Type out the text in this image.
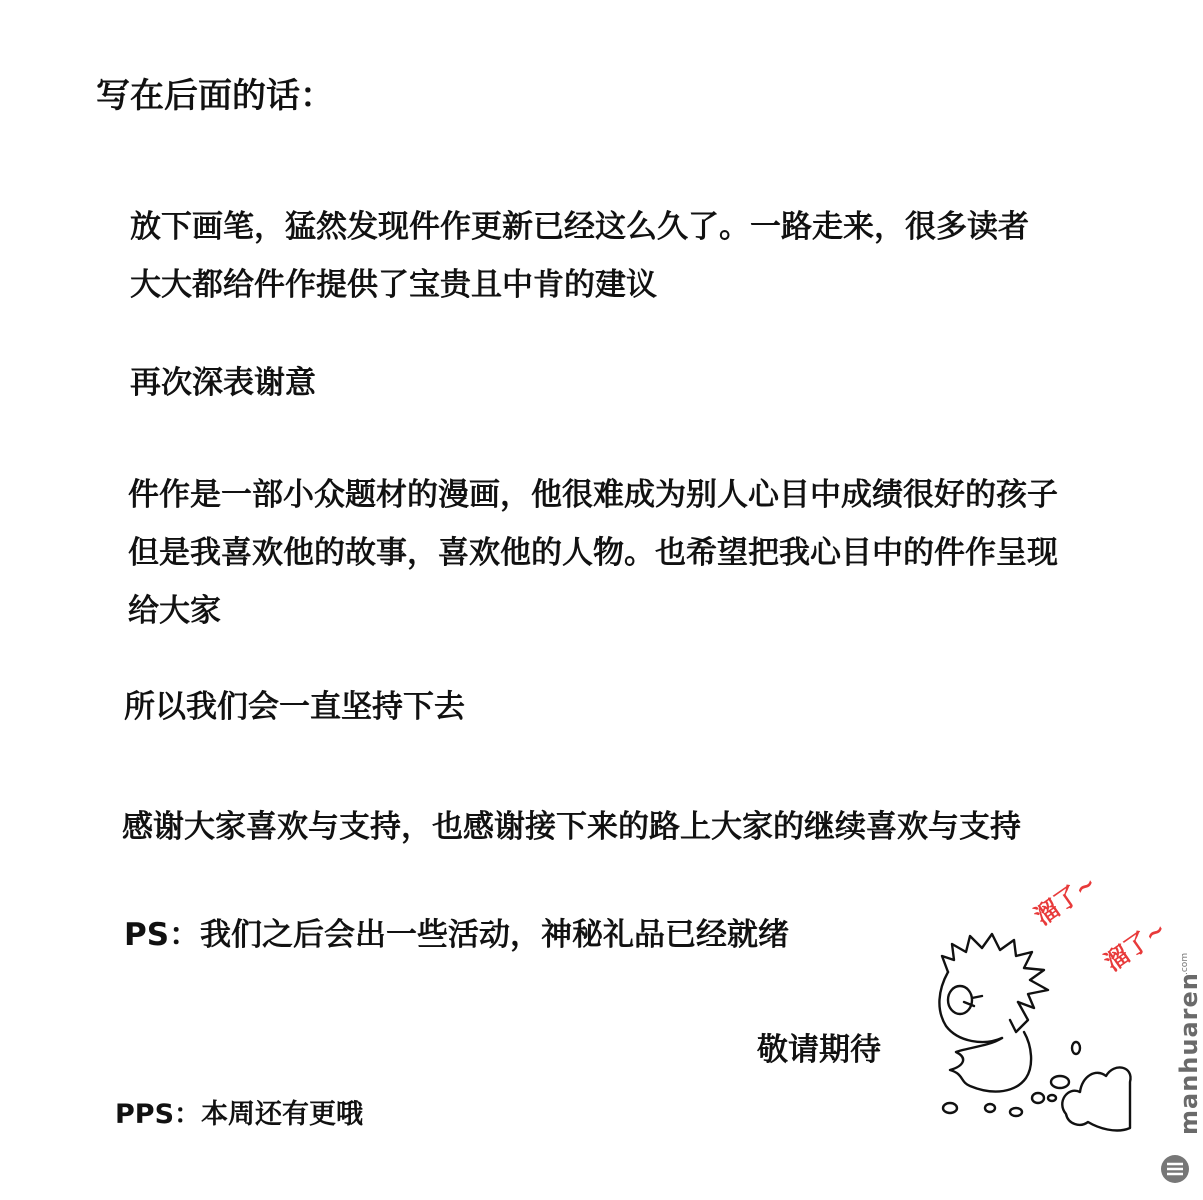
写在后面的话：
放下画笔，猛然发现件作更新已经这么久了。一路走来，很多读者
大大都给件作提供了宝贵且中肯的建议
再次深表谢意
件作是一部小众题材的漫画，他很难成为别人心目中成绩很好的孩子
但是我喜欢他的故事，喜欢他的人物。也希望把我心目中的件作呈现
给大家
所以我们会一直坚持下去
感谢大家喜欢与支持，也感谢接下来的路上大家的继续喜欢与支持
PS：我们之后会出一些活动，神秘礼品已经就绪
敬请期待
PPS：本周还有更哦
溜了~
溜了~
manhuaren
.com
